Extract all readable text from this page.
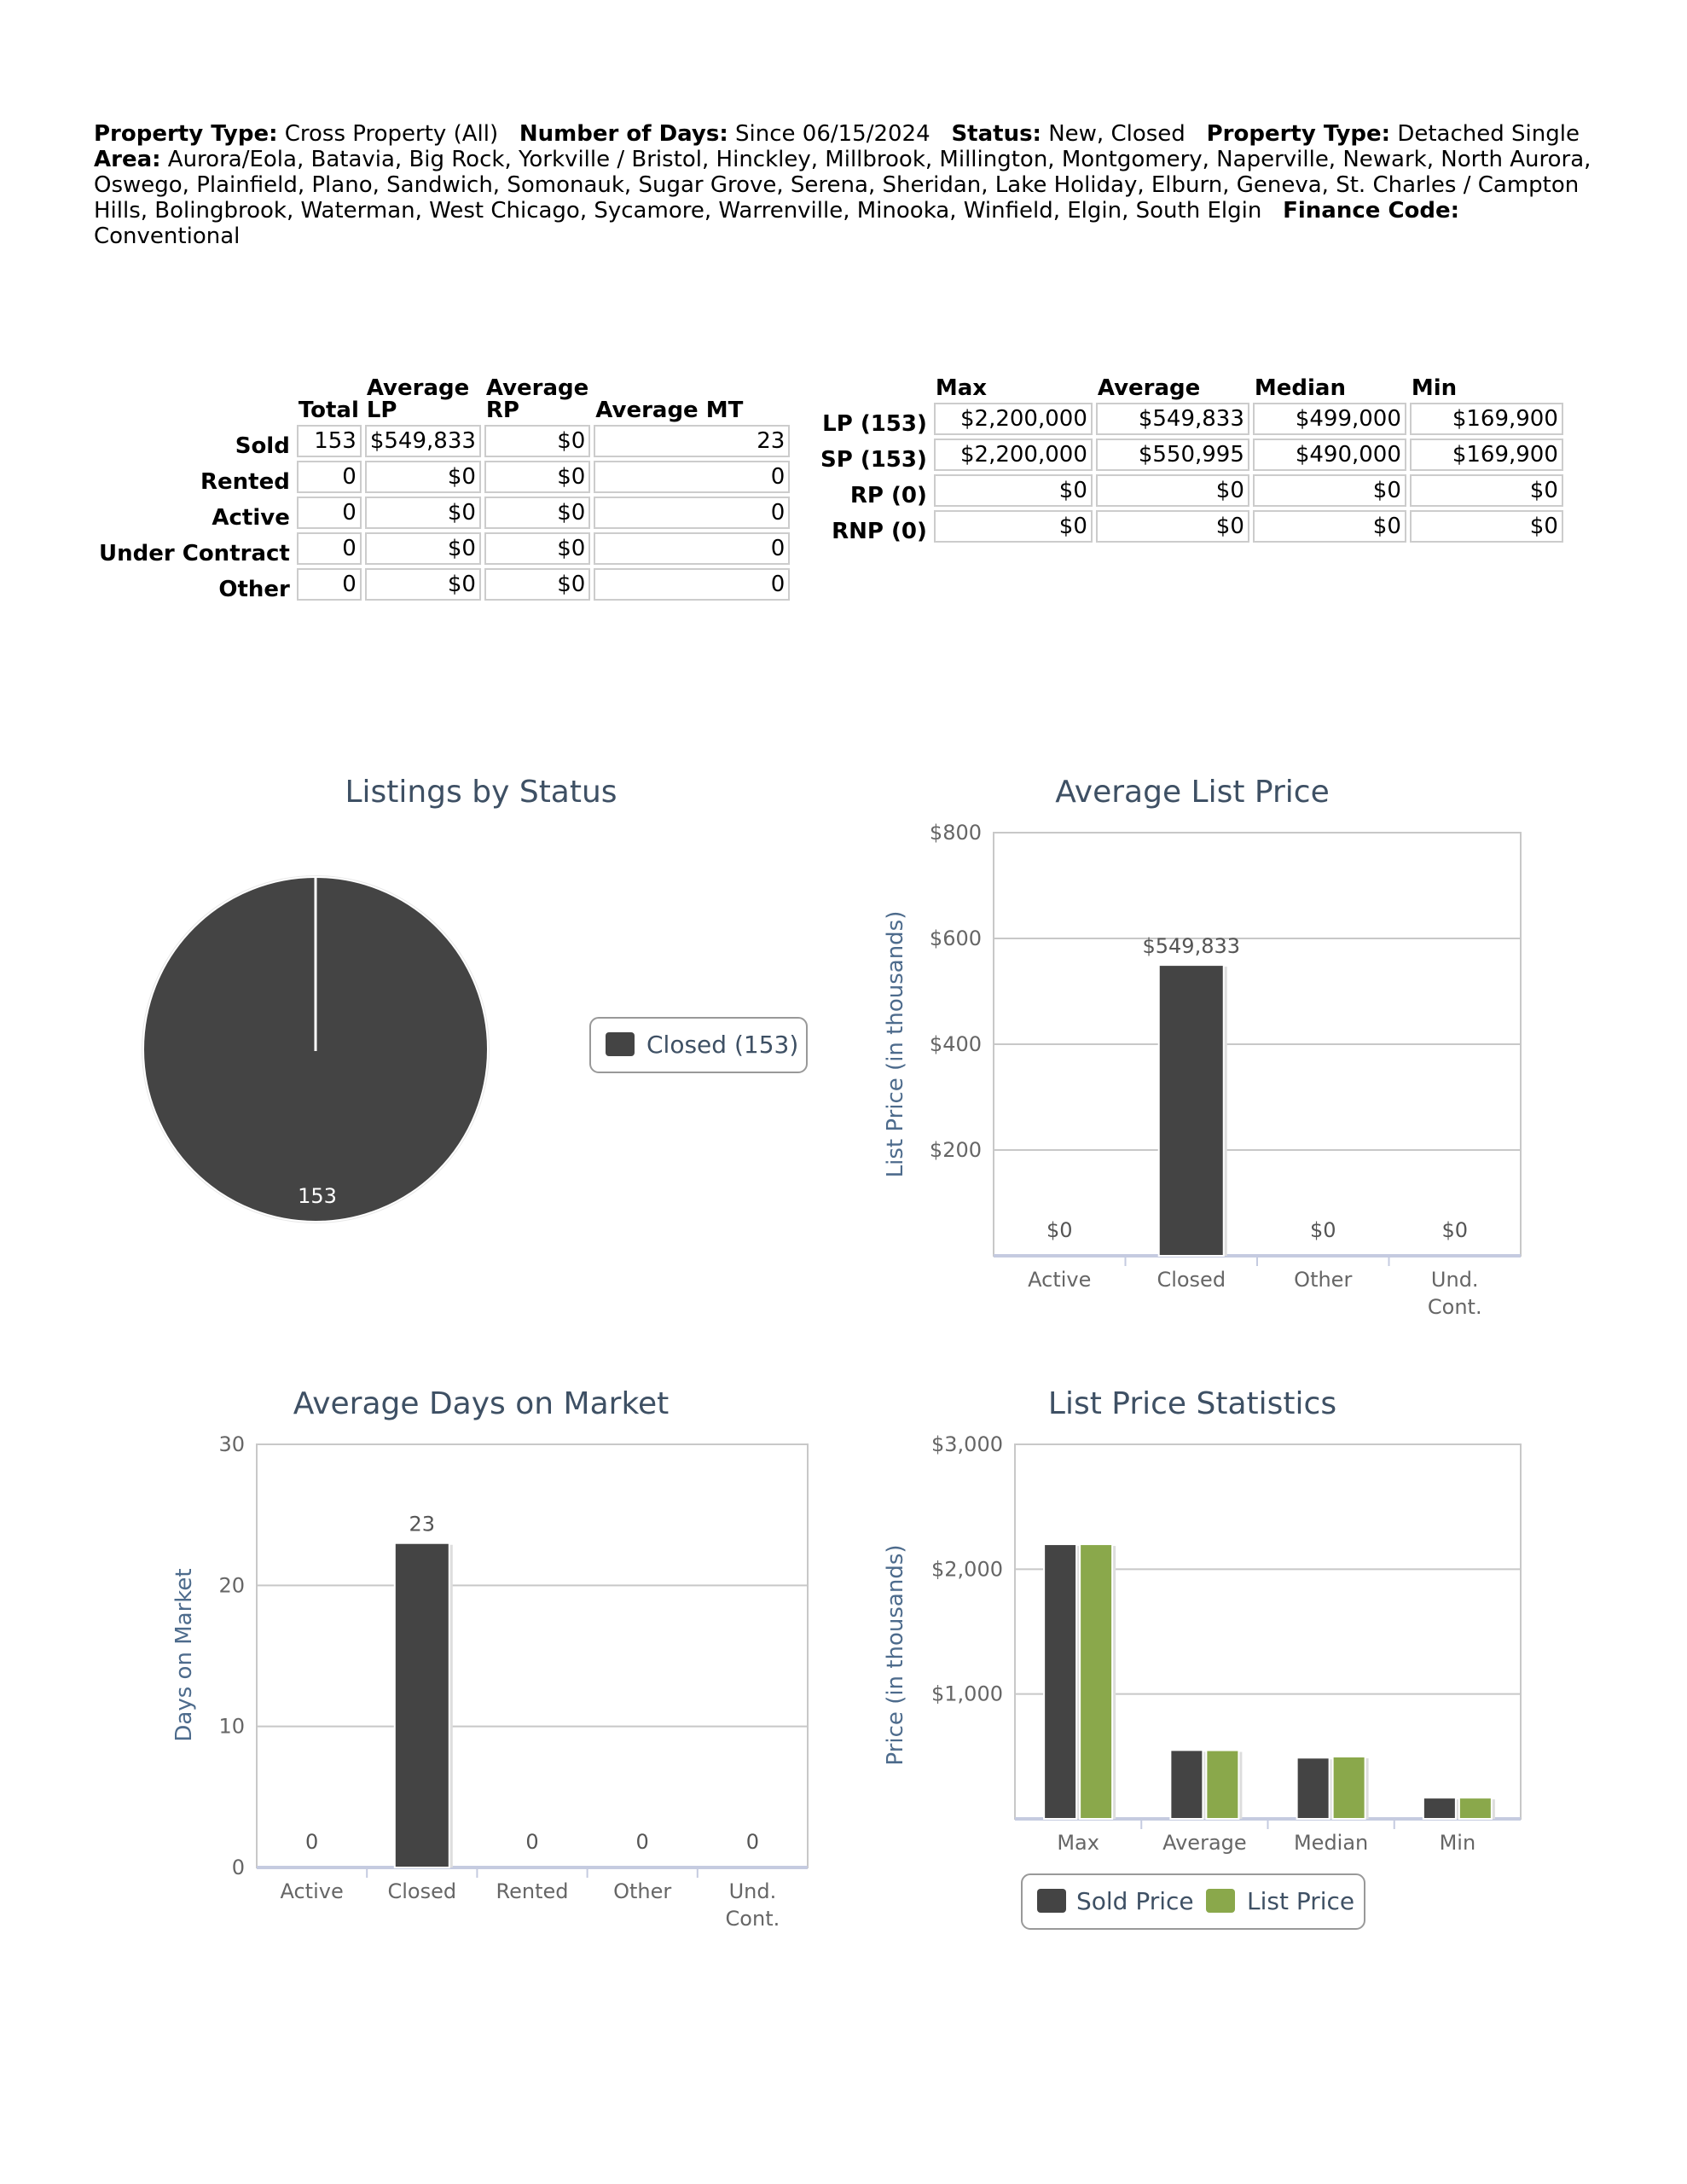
Property Type: Cross Property (All) Number of Days: Since 06/15/2024 Status: New, Closed Property Type: Detached Single Area: Aurora/Eola, Batavia, Big Rock, Yorkville / Bristol, Hinckley, Millbrook, Millington, Montgomery, Naperville, Newark, North Aurora, Oswego, Plainfield, Plano, Sandwich, Somonauk, Sugar Grove, Serena, Sheridan, Lake Holiday, Elburn, Geneva, St. Charles / Campton Hills, Bolingbrook, Waterman, West Chicago, Sycamore, Warrenville, Minooka, Winfield, Elgin, South Elgin Finance Code: Conventional
	Total	Average LP	Average RP	Average MT
Sold	153	$549,833	$0	23
Rented	0	$0	$0	0
Active	0	$0	$0	0
Under Contract	0	$0	$0	0
Other	0	$0	$0	0
	Max	Average	Median	Min
LP (153)	$2,200,000	$549,833	$499,000	$169,900
SP (153)	$2,200,000	$550,995	$490,000	$169,900
RP (0)	$0	$0	$0	$0
RNP (0)	$0	$0	$0	$0
Listings by Status	Average List Price
Average Days on Market	List Price Statistics
153
Closed (153)	List Price (in thousands)
Days on Market	Price (in thousands)
Sold Price List Price
$200
$400
$600
$800
Active
$0
Closed
$549,833
Other
$0
Und. Cont.
$0
0
10
20
30
Active
0
Closed
23
Rented
0
Other
0
Und. Cont.
0
$1,000
$2,000
$3,000
Max	Average Median	Min
